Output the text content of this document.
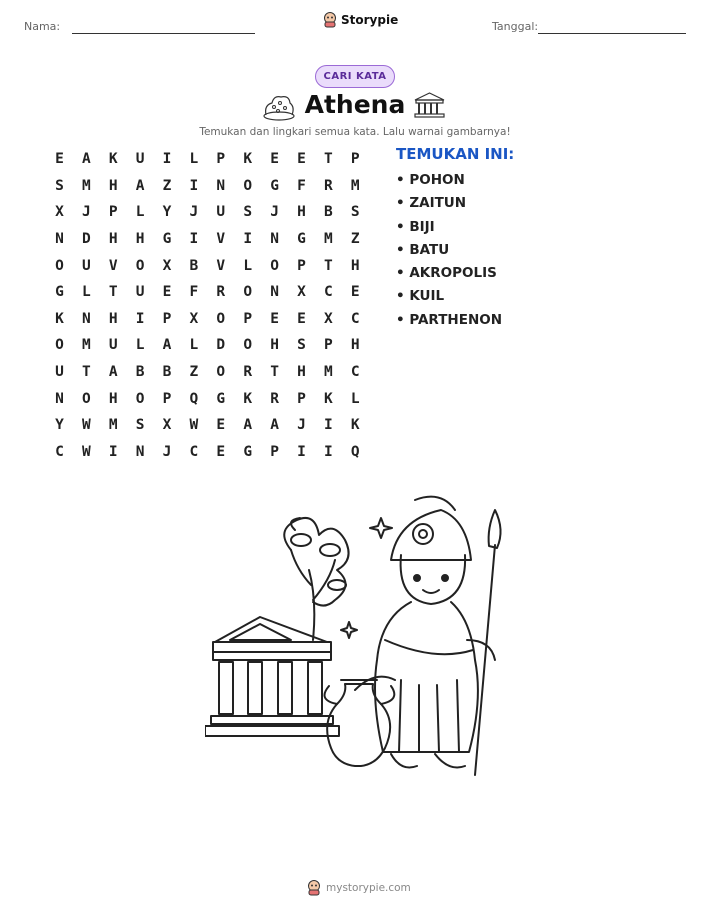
Nama:	Storypie	Tanggal:
CARI KATA
Athena
Temukan dan lingkari semua kata. Lalu warnai gambarnya!
E	A	K	U	I	L	P	K	E	E	T	P
S	M	H	A	Z	I	N	O	G	F	R	M
X	J	P	L	Y	J	U	S	J	H	B	S
N	D	H	H	G	I	V	I	N	G	M	Z
O	U	V	O	X	B	V	L	O	P	T	H
G	L	T	U	E	F	R	O	N	X	C	E
K	N	H	I	P	X	O	P	E	E	X	C
O	M	U	L	A	L	D	O	H	S	P	H
U	T	A	B	B	Z	O	R	T	H	M	C
N	O	H	O	P	Q	G	K	R	P	K	L
Y	W	M	S	X	W	E	A	A	J	I	K
C	W	I	N	J	C	E	G	P	I	I	Q
TEMUKAN INI:
• POHON
• ZAITUN
• BIJI
• BATU
• AKROPOLIS
• KUIL
• PARTHENON
mystorypie.com
